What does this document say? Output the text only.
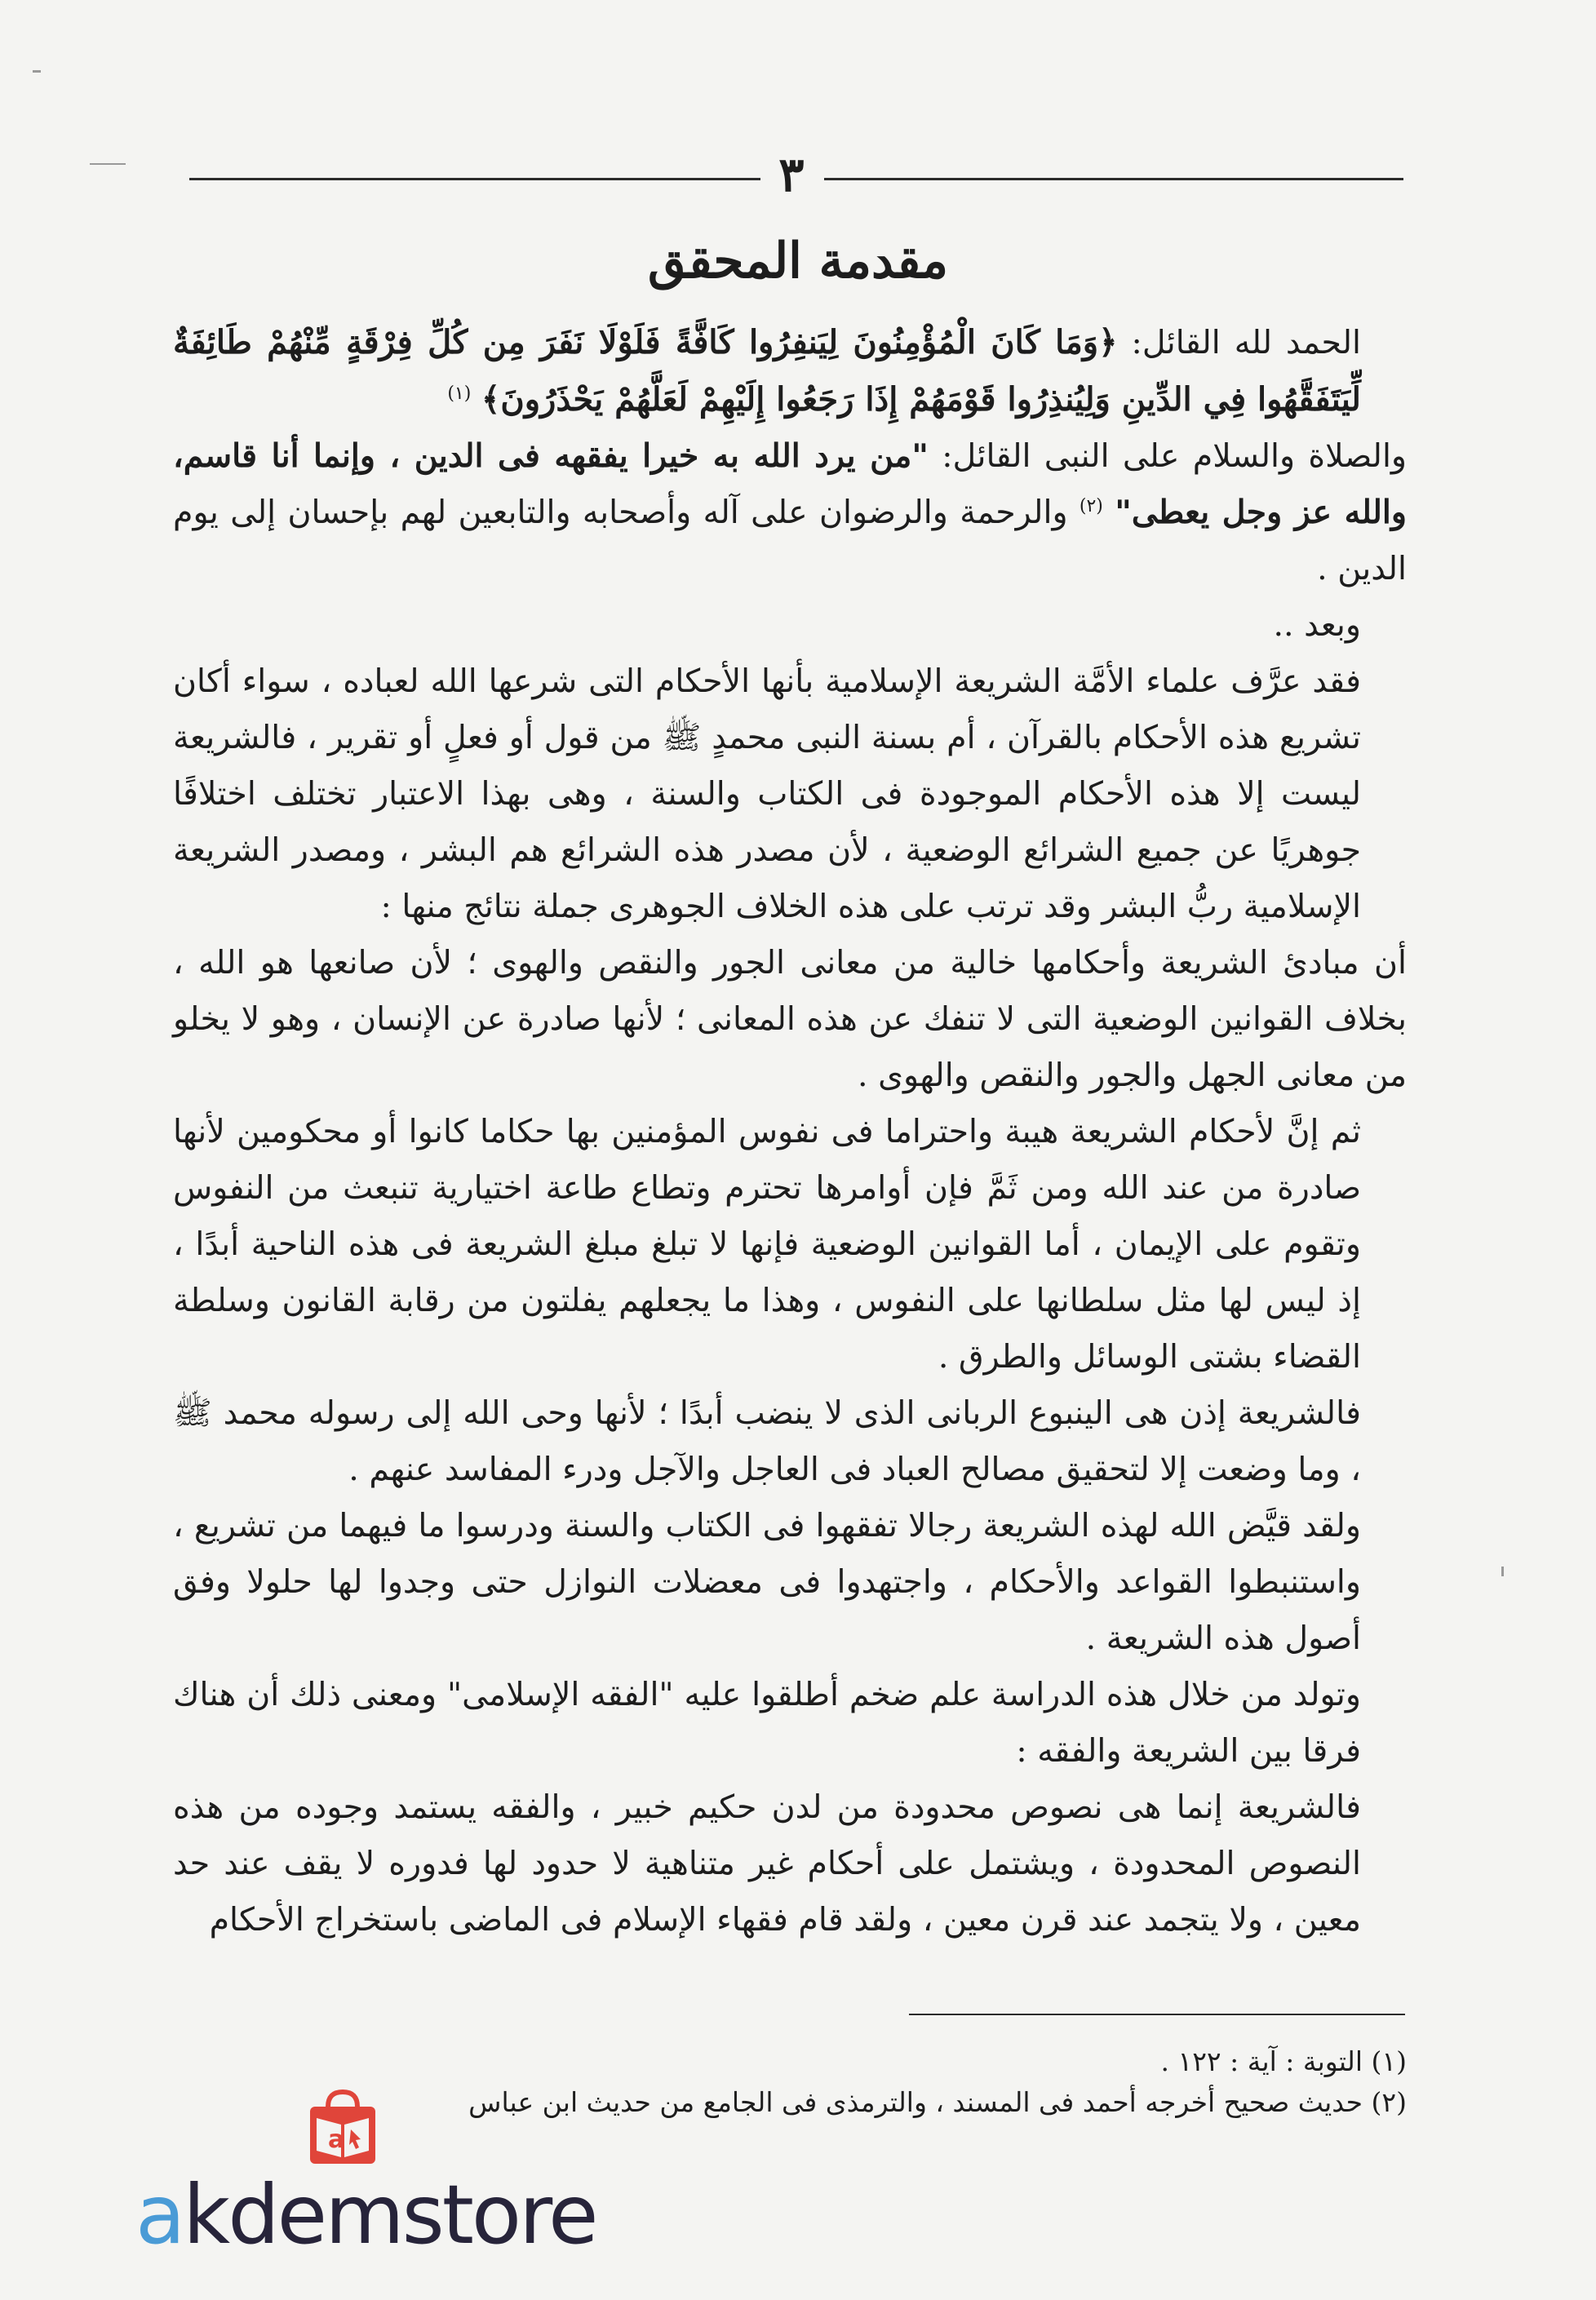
٣
مقدمة المحقق

الحمد لله القائل: ﴿وَمَا كَانَ الْمُؤْمِنُونَ لِيَنفِرُوا كَافَّةً فَلَوْلَا نَفَرَ مِن كُلِّ فِرْقَةٍ مِّنْهُمْ طَائِفَةٌ لِّيَتَفَقَّهُوا فِي الدِّينِ وَلِيُنذِرُوا قَوْمَهُمْ إِذَا رَجَعُوا إِلَيْهِمْ لَعَلَّهُمْ يَحْذَرُونَ﴾ $^{(١)}$

والصلاة والسلام على النبى القائل: "من يرد الله به خيرا يفقهه فى الدين ، وإنما أنا قاسم، والله عز وجل يعطى" $^{(٢)}$ والرحمة والرضوان على آله وأصحابه والتابعين لهم بإحسان إلى يوم الدين .

وبعد ..

فقد عرَّف علماء الأمَّة الشريعة الإسلامية بأنها الأحكام التى شرعها الله لعباده ، سواء أكان تشريع هذه الأحكام بالقرآن ، أم بسنة النبى محمدٍ ﷺ من قول أو فعلٍ أو تقرير ، فالشريعة ليست إلا هذه الأحكام الموجودة فى الكتاب والسنة ، وهى بهذا الاعتبار تختلف اختلافًا جوهريًا عن جميع الشرائع الوضعية ، لأن مصدر هذه الشرائع هم البشر ، ومصدر الشريعة الإسلامية ربُّ البشر وقد ترتب على هذه الخلاف الجوهرى جملة نتائج منها :

أن مبادئ الشريعة وأحكامها خالية من معانى الجور والنقص والهوى ؛ لأن صانعها هو الله ، بخلاف القوانين الوضعية التى لا تنفك عن هذه المعانى ؛ لأنها صادرة عن الإنسان ، وهو لا يخلو من معانى الجهل والجور والنقص والهوى .

ثم إنَّ لأحكام الشريعة هيبة واحتراما فى نفوس المؤمنين بها حكاما كانوا أو محكومين لأنها صادرة من عند الله ومن ثَمَّ فإن أوامرها تحترم وتطاع طاعة اختيارية تنبعث من النفوس وتقوم على الإيمان ، أما القوانين الوضعية فإنها لا تبلغ مبلغ الشريعة فى هذه الناحية أبدًا ، إذ ليس لها مثل سلطانها على النفوس ، وهذا ما يجعلهم يفلتون من رقابة القانون وسلطة القضاء بشتى الوسائل والطرق .

فالشريعة إذن هى الينبوع الربانى الذى لا ينضب أبدًا ؛ لأنها وحى الله إلى رسوله محمد ﷺ ، وما وضعت إلا لتحقيق مصالح العباد فى العاجل والآجل ودرء المفاسد عنهم .

ولقد قيَّض الله لهذه الشريعة رجالا تفقهوا فى الكتاب والسنة ودرسوا ما فيهما من تشريع ، واستنبطوا القواعد والأحكام ، واجتهدوا فى معضلات النوازل حتى وجدوا لها حلولا وفق أصول هذه الشريعة .

وتولد من خلال هذه الدراسة علم ضخم أطلقوا عليه "الفقه الإسلامى" ومعنى ذلك أن هناك فرقا بين الشريعة والفقه :

فالشريعة إنما هى نصوص محدودة من لدن حكيم خبير ، والفقه يستمد وجوده من هذه النصوص المحدودة ، ويشتمل على أحكام غير متناهية لا حدود لها فدوره لا يقف عند حد معين ، ولا يتجمد عند قرن معين ، ولقد قام فقهاء الإسلام فى الماضى باستخراج الأحكام

(١) التوبة : آية : ١٢٢ .

(٢) حديث صحيح أخرجه أحمد فى المسند ، والترمذى فى الجامع من حديث ابن عباس

a
akdemstore
